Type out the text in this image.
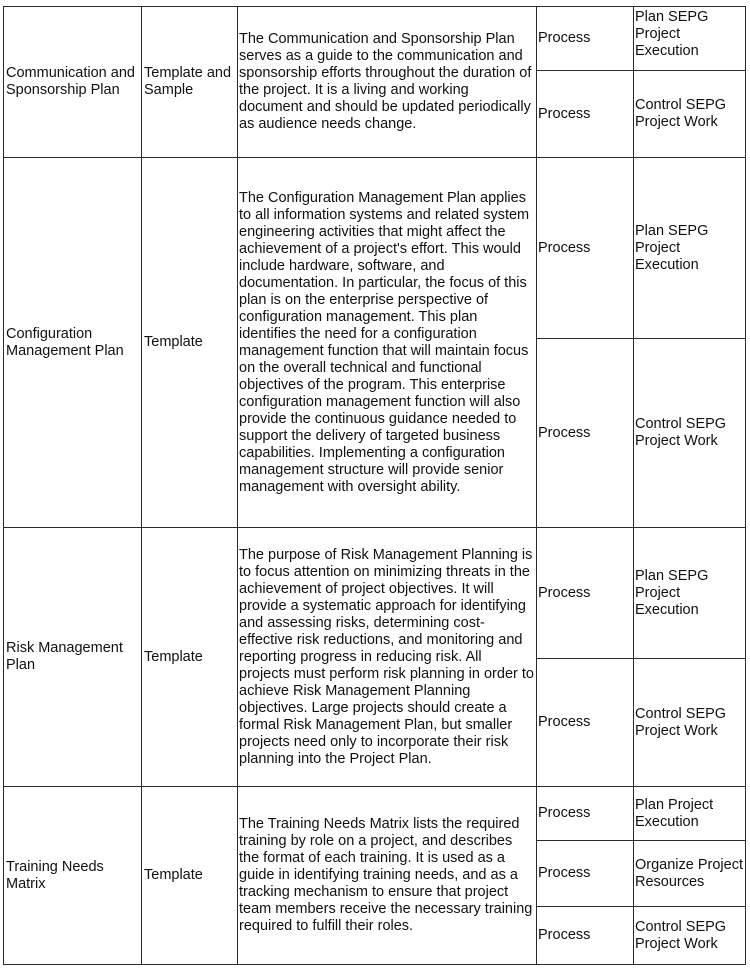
Communication and Sponsorship Plan	Template and Sample	The Communication and Sponsorship Plan serves as a guide to the communication and sponsorship efforts throughout the duration of the project. It is a living and working document and should be updated periodically as audience needs change.	Process	Plan SEPG Project Execution
			Process	Control SEPG Project Work
Configuration Management Plan	Template	The Configuration Management Plan applies to all information systems and related system engineering activities that might affect the achievement of a project's effort. This would include hardware, software, and documentation. In particular, the focus of this plan is on the enterprise perspective of configuration management. This plan identifies the need for a configuration management function that will maintain focus on the overall technical and functional objectives of the program. This enterprise configuration management function will also provide the continuous guidance needed to support the delivery of targeted business capabilities. Implementing a configuration management structure will provide senior management with oversight ability.	Process	Plan SEPG Project Execution
			Process	Control SEPG Project Work
Risk Management Plan	Template	The purpose of Risk Management Planning is to focus attention on minimizing threats in the achievement of project objectives. It will provide a systematic approach for identifying and assessing risks, determining cost-effective risk reductions, and monitoring and reporting progress in reducing risk. All projects must perform risk planning in order to achieve Risk Management Planning objectives. Large projects should create a formal Risk Management Plan, but smaller projects need only to incorporate their risk planning into the Project Plan.	Process	Plan SEPG Project Execution
			Process	Control SEPG Project Work
Training Needs Matrix	Template	The Training Needs Matrix lists the required training by role on a project, and describes the format of each training. It is used as a guide in identifying training needs, and as a tracking mechanism to ensure that project team members receive the necessary training required to fulfill their roles.	Process	Plan Project Execution
			Process	Organize Project Resources
			Process	Control SEPG Project Work
